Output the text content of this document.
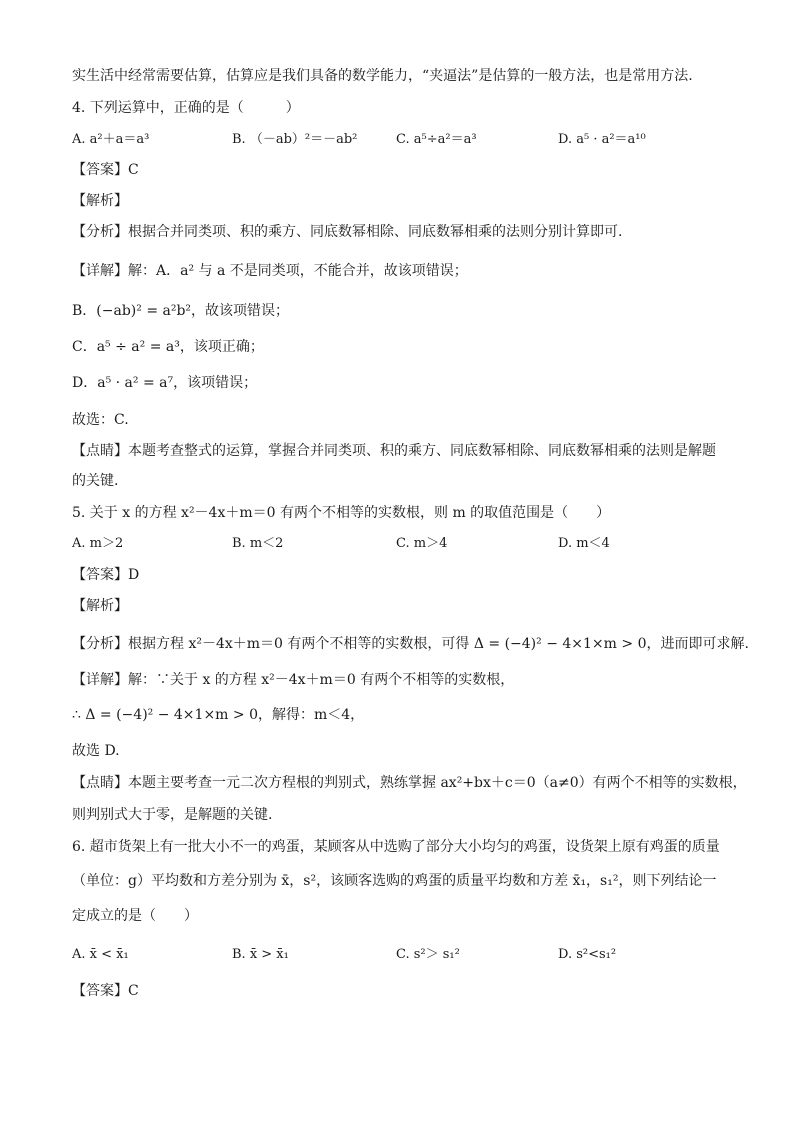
实生活中经常需要估算，估算应是我们具备的数学能力，“夹逼法”是估算的一般方法，也是常用方法.
4. 下列运算中，正确的是（　　　）
A. a²＋a＝a³	B. （－ab）²＝－ab²	C. a⁵÷a²＝a³	D. a⁵ · a²＝a¹⁰
【答案】C
【解析】
【分析】根据合并同类项、积的乘方、同底数幂相除、同底数幂相乘的法则分别计算即可.
【详解】解：A．a² 与 a 不是同类项，不能合并，故该项错误；
B．(−ab)² = a²b²，故该项错误；
C．a⁵ ÷ a² = a³，该项正确；
D．a⁵ · a² = a⁷，该项错误；
故选：C.
【点睛】本题考查整式的运算，掌握合并同类项、积的乘方、同底数幂相除、同底数幂相乘的法则是解题
的关键.
5. 关于 x 的方程 x²－4x＋m＝0 有两个不相等的实数根，则 m 的取值范围是（　　）
A. m＞2	B. m＜2	C. m＞4	D. m＜4
【答案】D
【解析】
【分析】根据方程 x²－4x＋m＝0 有两个不相等的实数根，可得 Δ = (−4)² − 4×1×m > 0，进而即可求解.
【详解】解：∵关于 x 的方程 x²－4x＋m＝0 有两个不相等的实数根，
∴ Δ = (−4)² − 4×1×m > 0，解得：m＜4，
故选 D.
【点睛】本题主要考查一元二次方程根的判别式，熟练掌握 ax²+bx＋c＝0（a≠0）有两个不相等的实数根，
则判别式大于零，是解题的关键.
6. 超市货架上有一批大小不一的鸡蛋，某顾客从中选购了部分大小均匀的鸡蛋，设货架上原有鸡蛋的质量
（单位：g）平均数和方差分别为 x̄，s²，该顾客选购的鸡蛋的质量平均数和方差 x̄₁，s₁²，则下列结论一
定成立的是（　　）
A. x̄ < x̄₁	B. x̄ > x̄₁	C. s²＞ s₁²	D. s²<s₁²
【答案】C
